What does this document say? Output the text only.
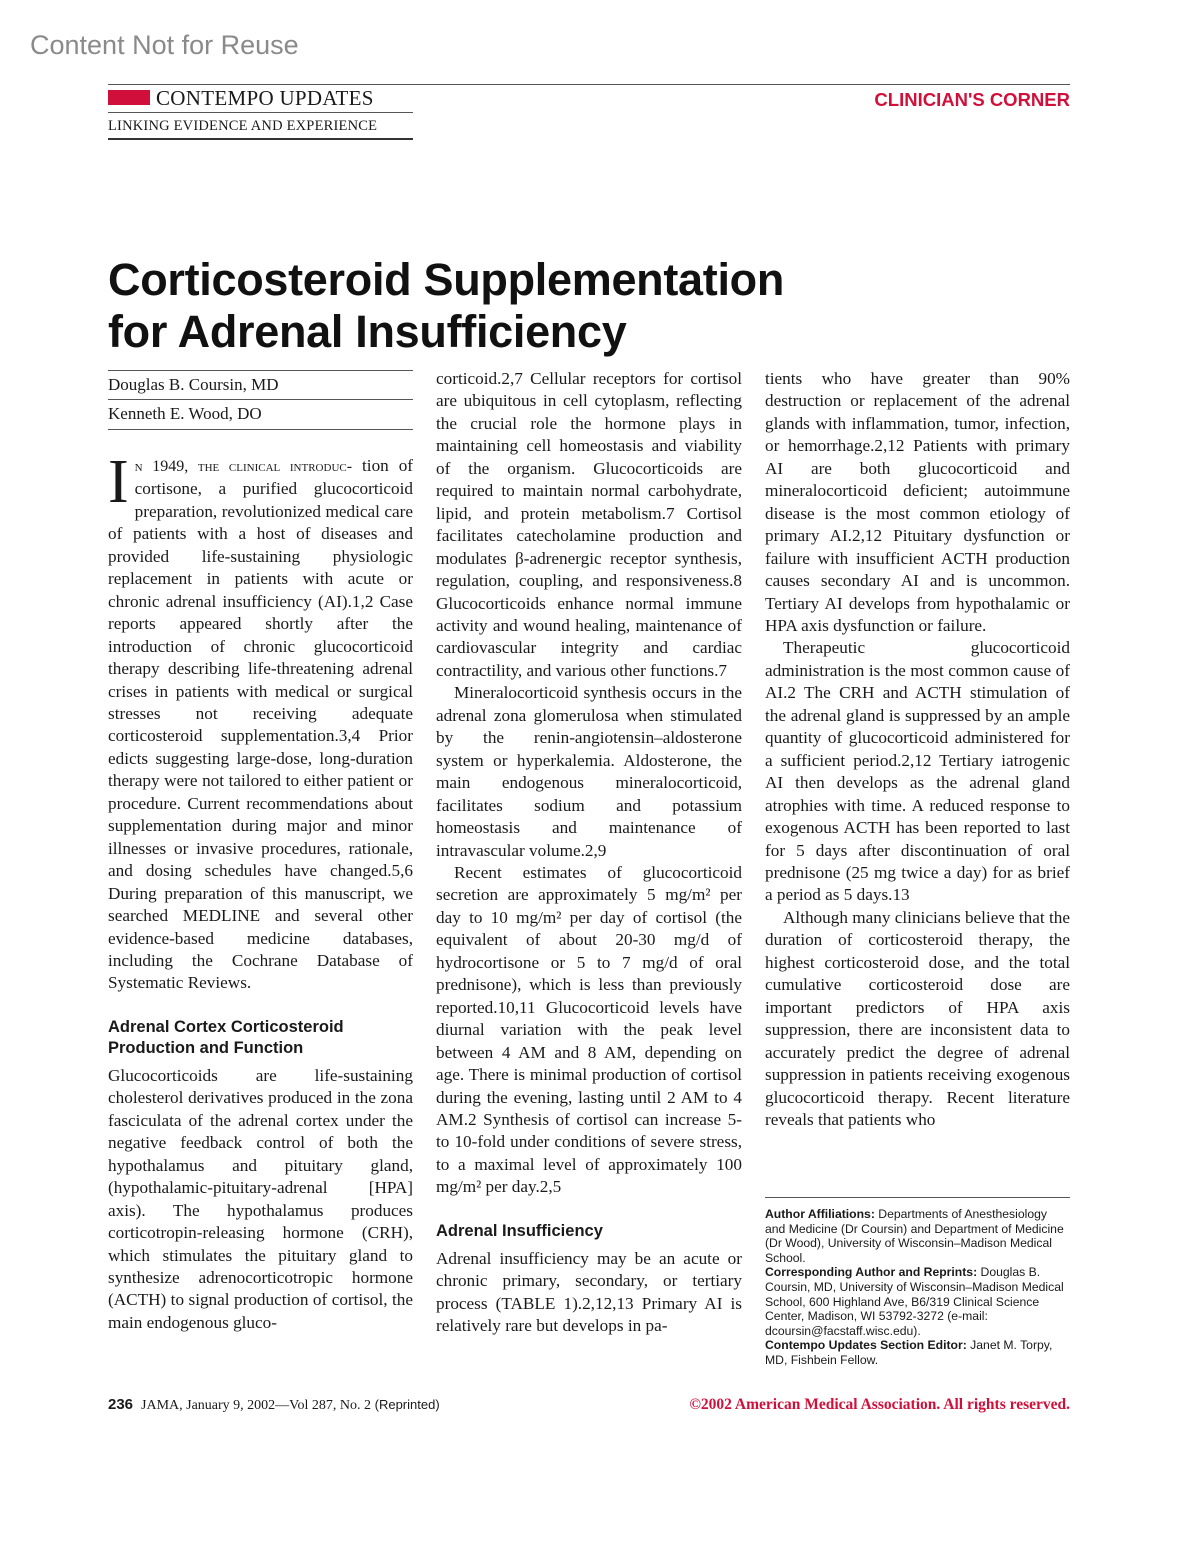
Content Not for Reuse
CONTEMPO UPDATES
LINKING EVIDENCE AND EXPERIENCE
CLINICIAN'S CORNER
Corticosteroid Supplementation
for Adrenal Insufficiency
Douglas B. Coursin, MD
Kenneth E. Wood, DO

In 1949, the clinical introduc- tion of cortisone, a purified glucocorticoid preparation, revolutionized medical care of patients with a host of diseases and provided life-sustaining physiologic replacement in patients with acute or chronic adrenal insufficiency (AI).1,2 Case reports appeared shortly after the introduction of chronic glucocorticoid therapy describing life-threatening adrenal crises in patients with medical or surgical stresses not receiving adequate corticosteroid supplementation.3,4 Prior edicts suggesting large-dose, long-duration therapy were not tailored to either patient or procedure. Current recommendations about supplementation during major and minor illnesses or invasive procedures, rationale, and dosing schedules have changed.5,6 During preparation of this manuscript, we searched MEDLINE and several other evidence-based medicine databases, including the Cochrane Database of Systematic Reviews.

Adrenal Cortex Corticosteroid Production and Function

Glucocorticoids are life-sustaining cholesterol derivatives produced in the zona fasciculata of the adrenal cortex under the negative feedback control of both the hypothalamus and pituitary gland, (hypothalamic-pituitary-adrenal [HPA] axis). The hypothalamus produces corticotropin-releasing hormone (CRH), which stimulates the pituitary gland to synthesize adrenocorticotropic hormone (ACTH) to signal production of cortisol, the main endogenous gluco-

corticoid.2,7 Cellular receptors for cortisol are ubiquitous in cell cytoplasm, reflecting the crucial role the hormone plays in maintaining cell homeostasis and viability of the organism. Glucocorticoids are required to maintain normal carbohydrate, lipid, and protein metabolism.7 Cortisol facilitates catecholamine production and modulates β-adrenergic receptor synthesis, regulation, coupling, and responsiveness.8 Glucocorticoids enhance normal immune activity and wound healing, maintenance of cardiovascular integrity and cardiac contractility, and various other functions.7

Mineralocorticoid synthesis occurs in the adrenal zona glomerulosa when stimulated by the renin-angiotensin–aldosterone system or hyperkalemia. Aldosterone, the main endogenous mineralocorticoid, facilitates sodium and potassium homeostasis and maintenance of intravascular volume.2,9

Recent estimates of glucocorticoid secretion are approximately 5 mg/m² per day to 10 mg/m² per day of cortisol (the equivalent of about 20-30 mg/d of hydrocortisone or 5 to 7 mg/d of oral prednisone), which is less than previously reported.10,11 Glucocorticoid levels have diurnal variation with the peak level between 4 AM and 8 AM, depending on age. There is minimal production of cortisol during the evening, lasting until 2 AM to 4 AM.2 Synthesis of cortisol can increase 5- to 10-fold under conditions of severe stress, to a maximal level of approximately 100 mg/m² per day.2,5

Adrenal Insufficiency

Adrenal insufficiency may be an acute or chronic primary, secondary, or tertiary process (TABLE 1).2,12,13 Primary AI is relatively rare but develops in pa-

tients who have greater than 90% destruction or replacement of the adrenal glands with inflammation, tumor, infection, or hemorrhage.2,12 Patients with primary AI are both glucocorticoid and mineralocorticoid deficient; autoimmune disease is the most common etiology of primary AI.2,12 Pituitary dysfunction or failure with insufficient ACTH production causes secondary AI and is uncommon. Tertiary AI develops from hypothalamic or HPA axis dysfunction or failure.

Therapeutic glucocorticoid administration is the most common cause of AI.2 The CRH and ACTH stimulation of the adrenal gland is suppressed by an ample quantity of glucocorticoid administered for a sufficient period.2,12 Tertiary iatrogenic AI then develops as the adrenal gland atrophies with time. A reduced response to exogenous ACTH has been reported to last for 5 days after discontinuation of oral prednisone (25 mg twice a day) for as brief a period as 5 days.13

Although many clinicians believe that the duration of corticosteroid therapy, the highest corticosteroid dose, and the total cumulative corticosteroid dose are important predictors of HPA axis suppression, there are inconsistent data to accurately predict the degree of adrenal suppression in patients receiving exogenous glucocorticoid therapy. Recent literature reveals that patients who

Author Affiliations: Departments of Anesthesiology and Medicine (Dr Coursin) and Department of Medicine (Dr Wood), University of Wisconsin–Madison Medical School.

Corresponding Author and Reprints: Douglas B. Coursin, MD, University of Wisconsin–Madison Medical School, 600 Highland Ave, B6/319 Clinical Science Center, Madison, WI 53792-3272 (e-mail: dcoursin@facstaff.wisc.edu).

Contempo Updates Section Editor: Janet M. Torpy, MD, Fishbein Fellow.

236 JAMA, January 9, 2002—Vol 287, No. 2 (Reprinted)	©2002 American Medical Association. All rights reserved.
